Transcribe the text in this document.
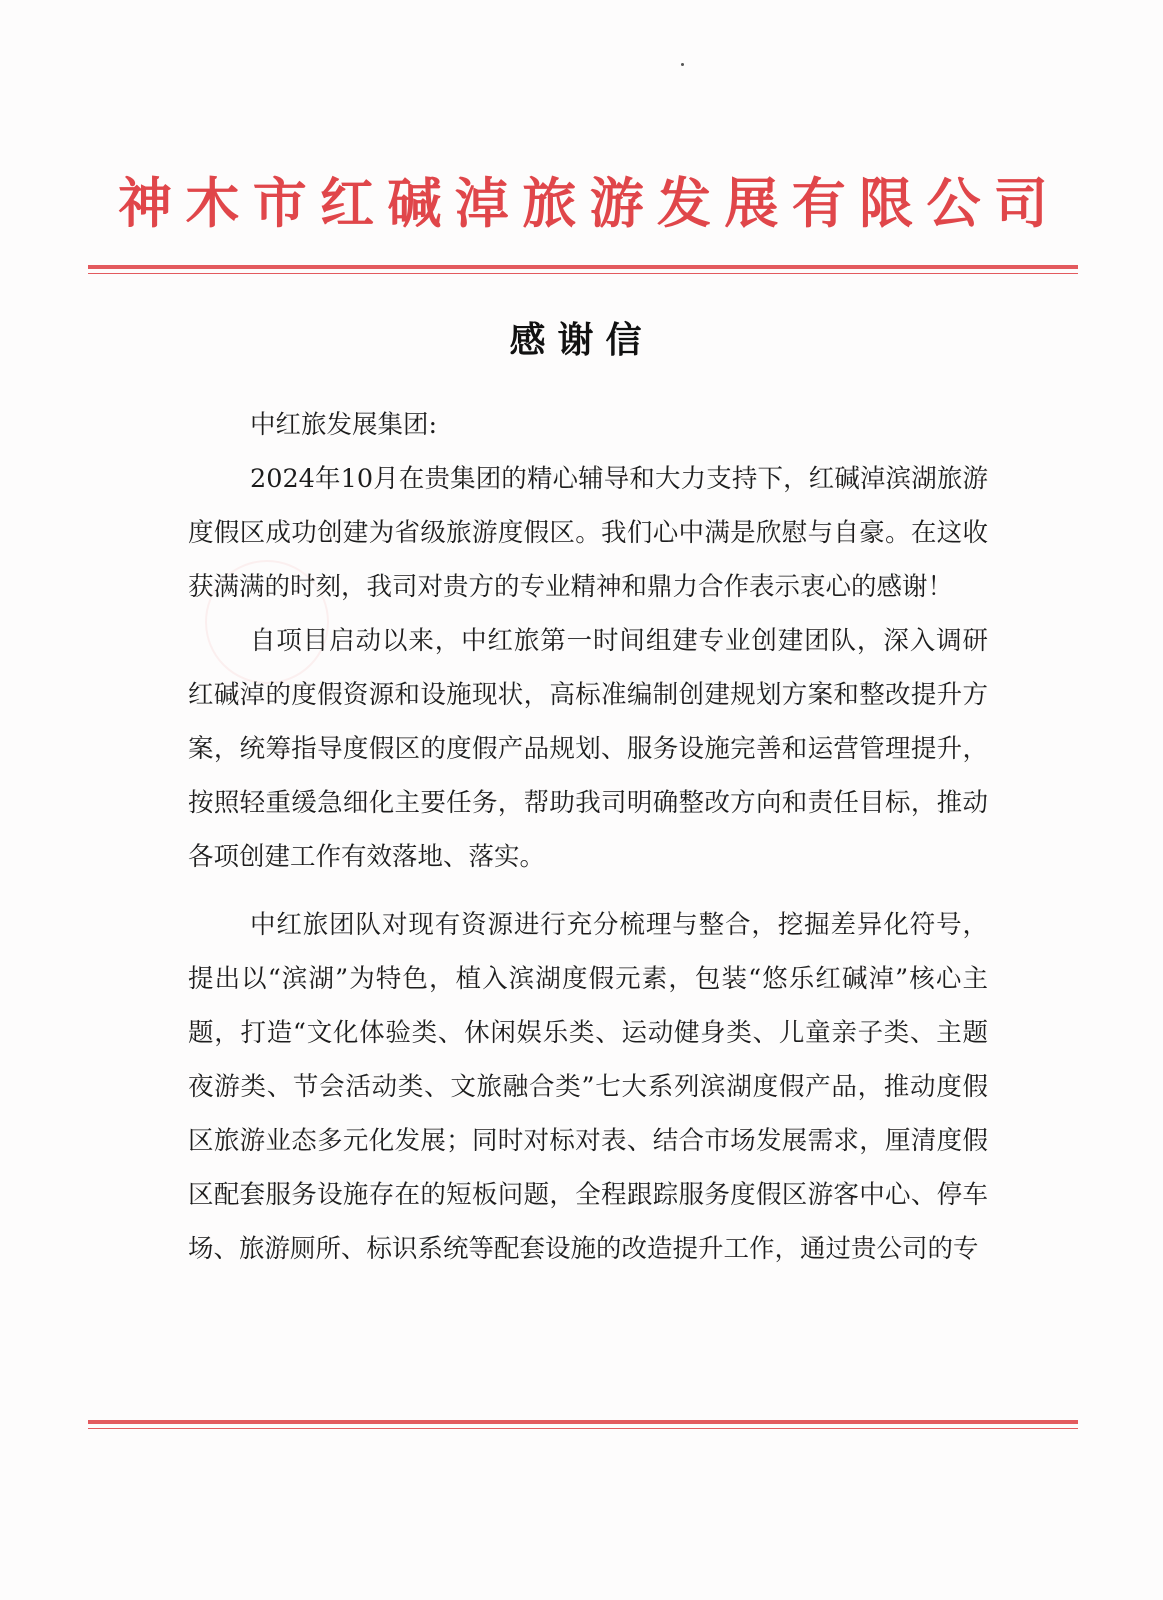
神 木 市 红 碱 淖 旅 游 发 展 有 限 公 司
感谢信
中红旅发展集团:

2024年10月在贵集团的精心辅导和大力支持下，红碱淖滨湖旅游度假区成功创建为省级旅游度假区。我们心中满是欣慰与自豪。在这收获满满的时刻，我司对贵方的专业精神和鼎力合作表示衷心的感谢！

自项目启动以来，中红旅第一时间组建专业创建团队，深入调研红碱淖的度假资源和设施现状，高标准编制创建规划方案和整改提升方案，统筹指导度假区的度假产品规划、服务设施完善和运营管理提升，按照轻重缓急细化主要任务，帮助我司明确整改方向和责任目标，推动各项创建工作有效落地、落实。

中红旅团队对现有资源进行充分梳理与整合，挖掘差异化符号，提出以“滨湖”为特色，植入滨湖度假元素，包装“悠乐红碱淖”核心主题，打造“文化体验类、休闲娱乐类、运动健身类、儿童亲子类、主题夜游类、节会活动类、文旅融合类”七大系列滨湖度假产品，推动度假区旅游业态多元化发展；同时对标对表、结合市场发展需求，厘清度假区配套服务设施存在的短板问题，全程跟踪服务度假区游客中心、停车场、旅游厕所、标识系统等配套设施的改造提升工作，通过贵公司的专
